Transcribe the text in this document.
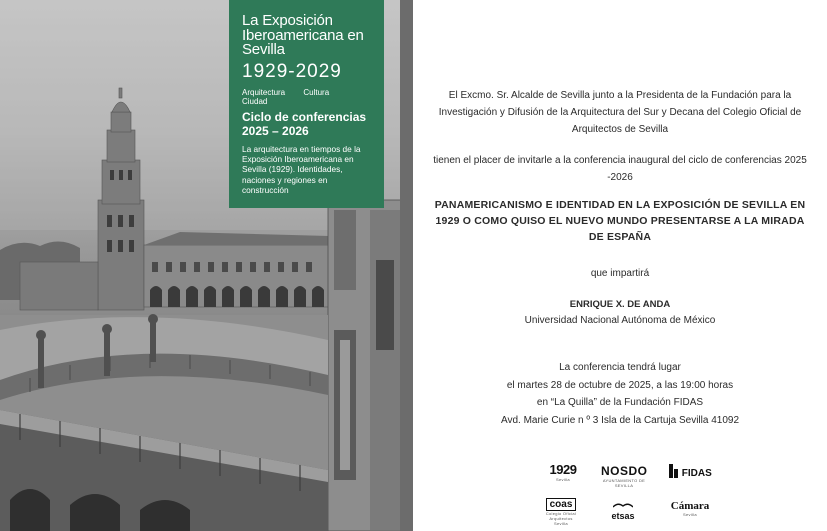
La Exposición Iberoamericana en Sevilla
1929-2029
Arquitectura Cultura Ciudad
Ciclo de conferencias
2025 – 2026
La arquitectura en tiempos de la Exposición Iberoamericana en Sevilla (1929). Identidades, naciones y regiones en construcción
El Excmo. Sr. Alcalde de Sevilla junto a la Presidenta de la Fundación para la Investigación y Difusión de la Arquitectura del Sur y Decana del Colegio Oficial de Arquitectos de Sevilla
tienen el placer de invitarle a la conferencia inaugural del ciclo de conferencias 2025 -2026
PANAMERICANISMO E IDENTIDAD EN LA EXPOSICIÓN DE SEVILLA EN 1929 O COMO QUISO EL NUEVO MUNDO PRESENTARSE A LA MIRADA DE ESPAÑA
que impartirá
ENRIQUE X. DE ANDA
Universidad Nacional Autónoma de México
La conferencia tendrá lugar
el martes 28 de octubre de 2025, a las 19:00 horas
en “La Quilla” de la Fundación FIDAS
Avd. Marie Curie n º 3 Isla de la Cartuja Sevilla 41092
1929
Sevilla
NOSDO
AYUNTAMIENTO DE SEVILLA
FIDAS
coas
Colegio Oficial Arquitectos Sevilla
etsas
Cámara
Sevilla
